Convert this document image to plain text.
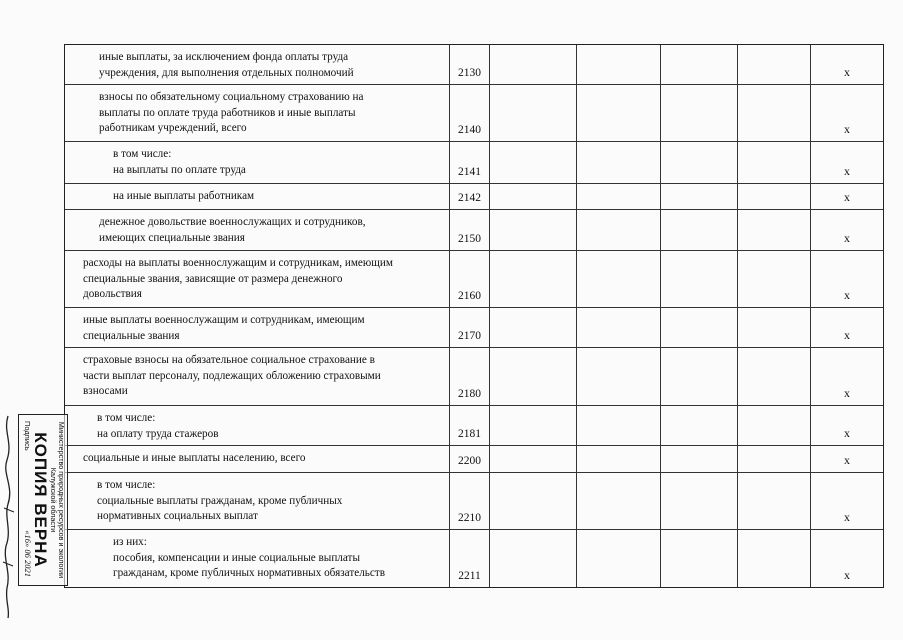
иные выплаты, за исключением фонда оплаты труда
учреждения, для выполнения отдельных полномочий	2130	x
взносы по обязательному социальному страхованию на
выплаты по оплате труда работников и иные выплаты
работникам учреждений, всего	2140	x
в том числе:
на выплаты по оплате труда	2141	x
на иные выплаты работникам	2142	x
денежное довольствие военнослужащих и сотрудников,
имеющих специальные звания	2150	x
расходы на выплаты военнослужащим и сотрудникам, имеющим
специальные звания, зависящие от размера денежного
довольствия	2160	x
иные выплаты военнослужащим и сотрудникам, имеющим
специальные звания	2170	x
страховые взносы на обязательное социальное страхование в
части выплат персоналу, подлежащих обложению страховыми
взносами	2180	x
в том числе:
на оплату труда стажеров	2181	x
социальные и иные выплаты населению, всего	2200	x
в том числе:
социальные выплаты гражданам, кроме публичных
нормативных социальных выплат	2210	x
из них:
пособия, компенсации и иные социальные выплаты
гражданам, кроме публичных нормативных обязательств	2211	x
Министерство природных ресурсов и экологии Калужской области
КОПИЯ ВЕРНА
Подпись
«16» 06 2021
